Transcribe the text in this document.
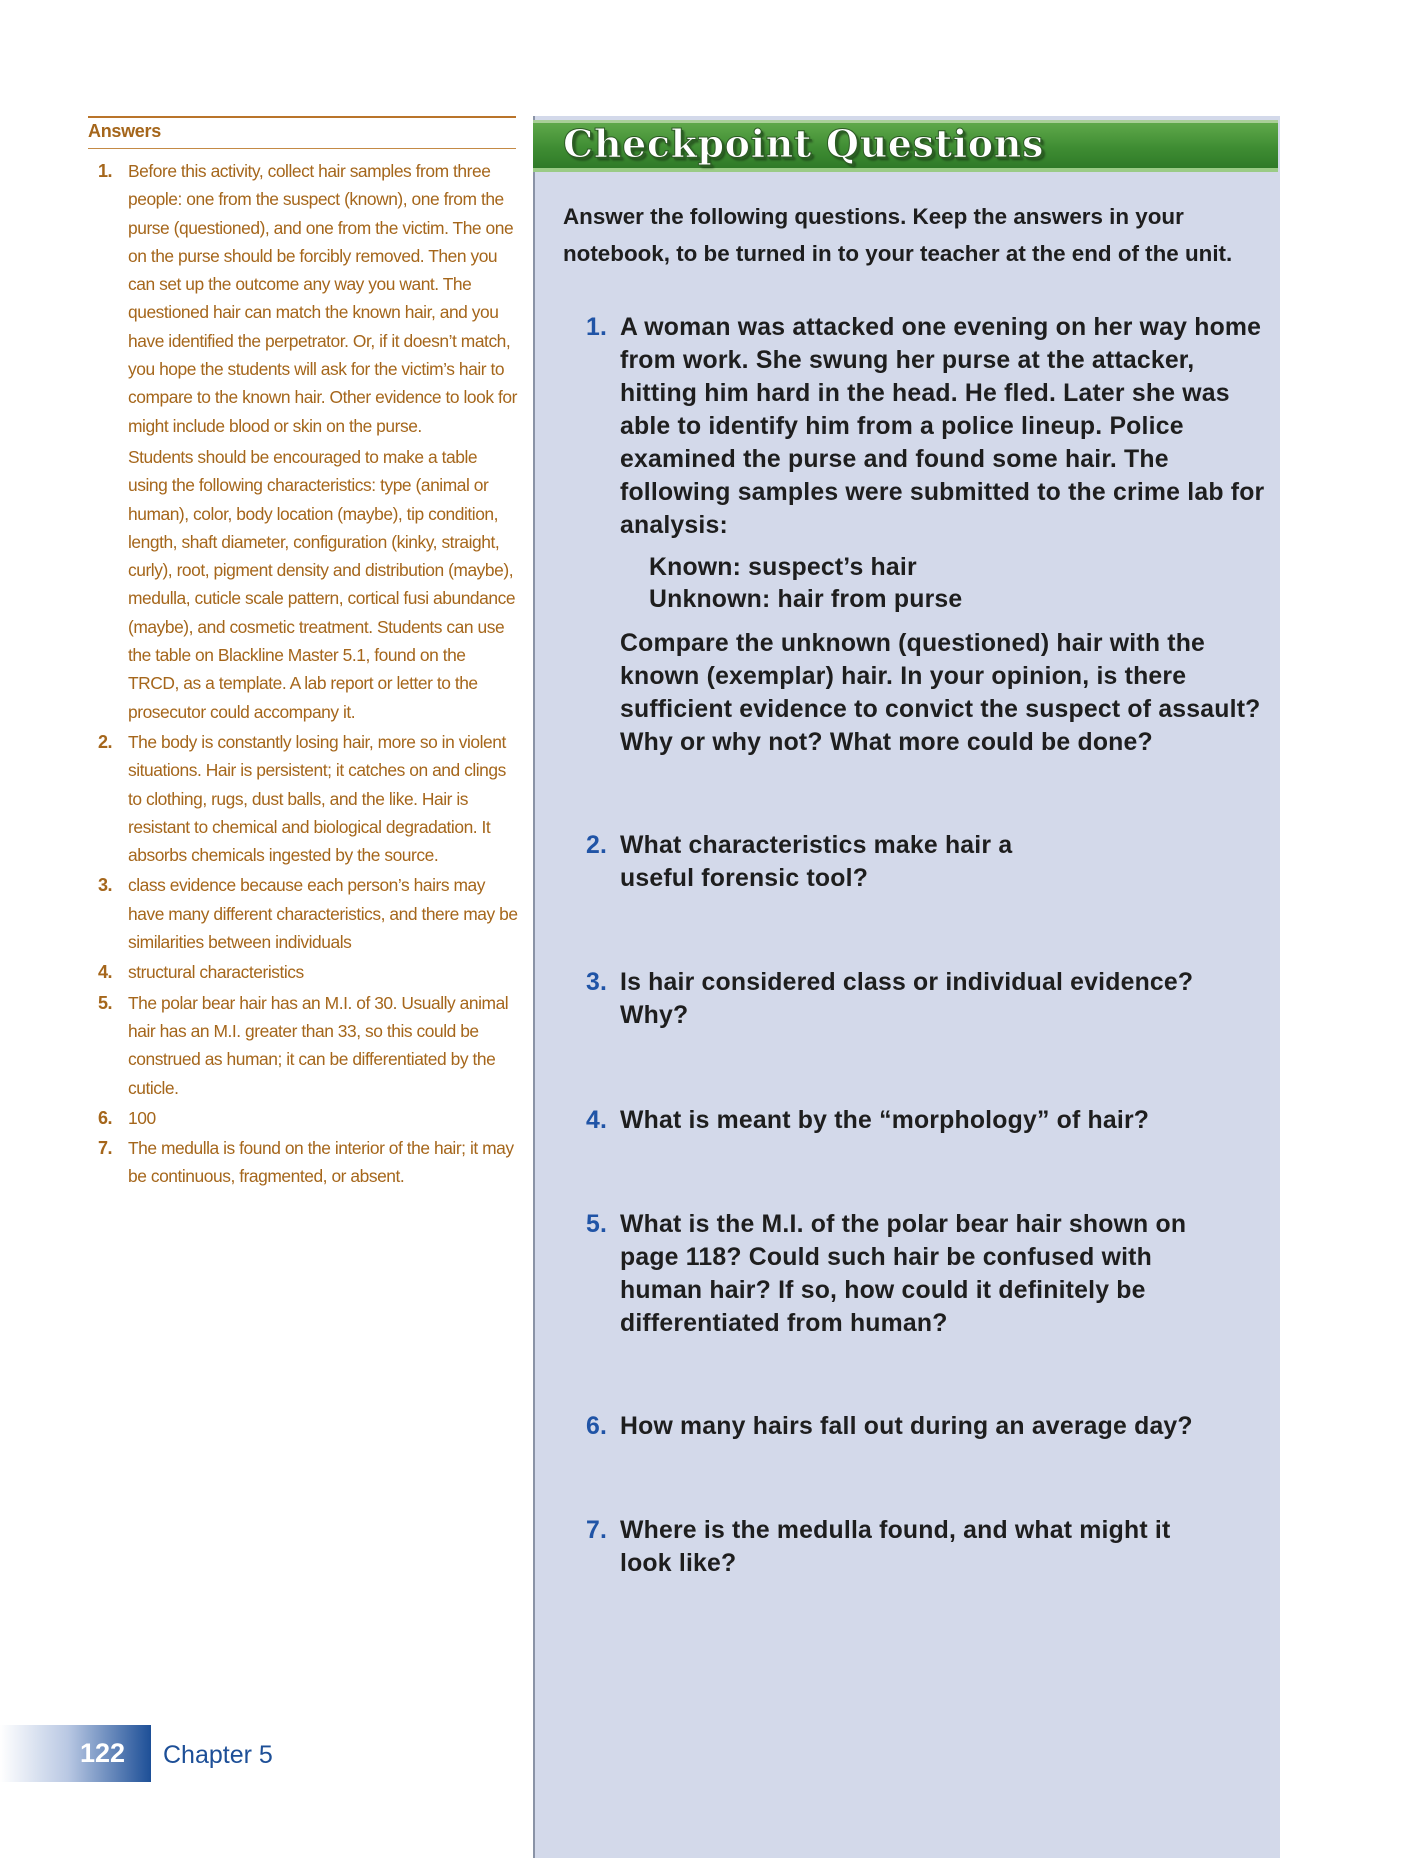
Answers
1. Before this activity, collect hair samples from three people: one from the suspect (known), one from the purse (questioned), and one from the victim. The one on the purse should be forcibly removed. Then you can set up the outcome any way you want. The questioned hair can match the known hair, and you have identified the perpetrator. Or, if it doesn’t match, you hope the students will ask for the victim’s hair to compare to the known hair. Other evidence to look for might include blood or skin on the purse.

Students should be encouraged to make a table using the following characteristics: type (animal or human), color, body location (maybe), tip condition, length, shaft diameter, configuration (kinky, straight, curly), root, pigment density and distribution (maybe), medulla, cuticle scale pattern, cortical fusi abundance (maybe), and cosmetic treatment. Students can use the table on Blackline Master 5.1, found on the TRCD, as a template. A lab report or letter to the prosecutor could accompany it.

2. The body is constantly losing hair, more so in violent situations. Hair is persistent; it catches on and clings to clothing, rugs, dust balls, and the like. Hair is resistant to chemical and biological degradation. It absorbs chemicals ingested by the source.

3. class evidence because each person’s hairs may have many different characteristics, and there may be similarities between individuals

4. structural characteristics

5. The polar bear hair has an M.I. of 30. Usually animal hair has an M.I. greater than 33, so this could be construed as human; it can be differentiated by the cuticle.

6. 100

7. The medulla is found on the interior of the hair; it may be continuous, fragmented, or absent.

Checkpoint Questions
Answer the following questions. Keep the answers in your notebook, to be turned in to your teacher at the end of the unit.
1. A woman was attacked one evening on her way home from work. She swung her purse at the attacker, hitting him hard in the head. He fled. Later she was able to identify him from a police lineup. Police examined the purse and found some hair. The following samples were submitted to the crime lab for analysis:
Known: suspect’s hair
Unknown: hair from purse
Compare the unknown (questioned) hair with the known (exemplar) hair. In your opinion, is there sufficient evidence to convict the suspect of assault? Why or why not? What more could be done?
2. What characteristics make hair a useful forensic tool?
3. Is hair considered class or individual evidence? Why?
4. What is meant by the “morphology” of hair?
5. What is the M.I. of the polar bear hair shown on page 118? Could such hair be confused with human hair? If so, how could it definitely be differentiated from human?
6. How many hairs fall out during an average day?
7. Where is the medulla found, and what might it look like?
122	Chapter 5
